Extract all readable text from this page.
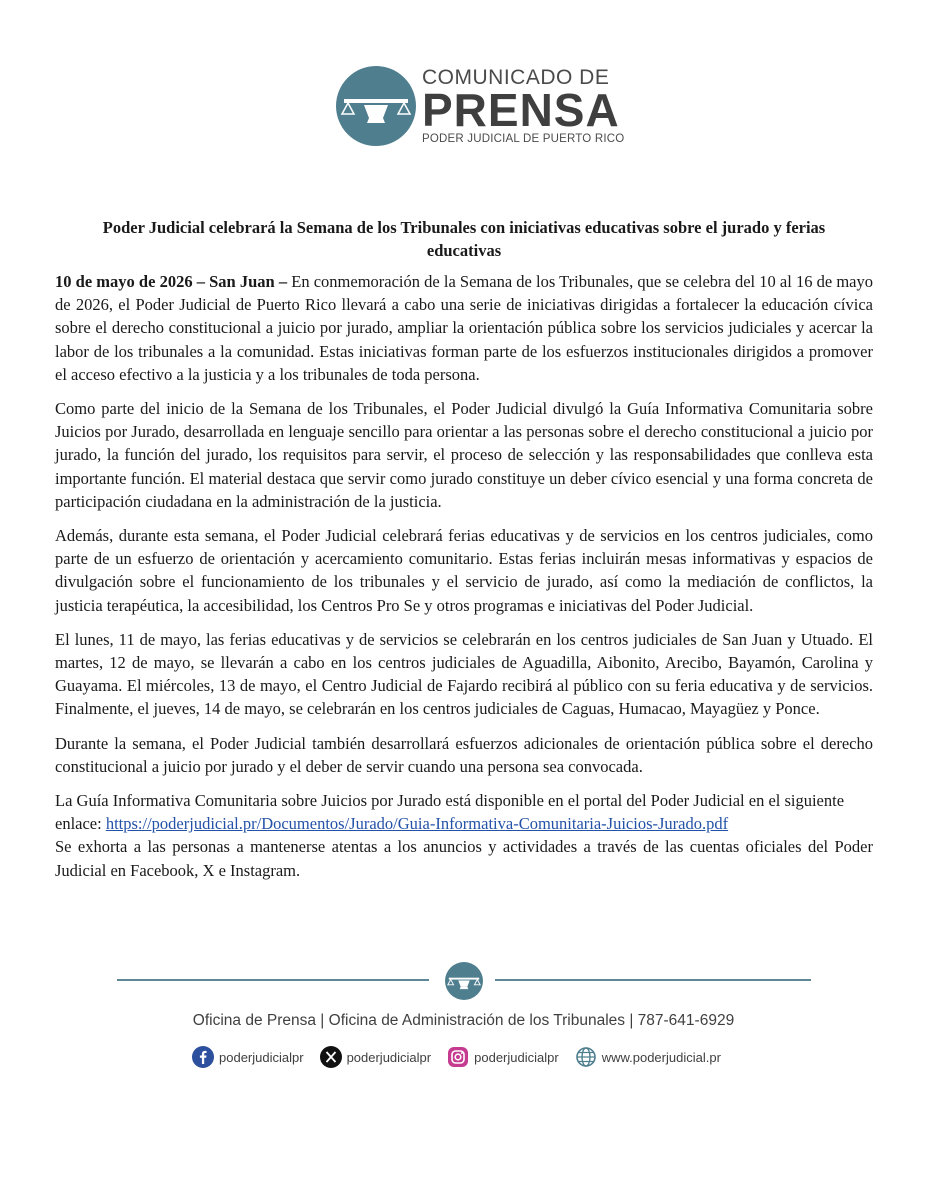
COMUNICADO DE
PRENSA
PODER JUDICIAL DE PUERTO RICO
Poder Judicial celebrará la Semana de los Tribunales con iniciativas educativas sobre el jurado y ferias educativas

10 de mayo de 2026 – San Juan – En conmemoración de la Semana de los Tribunales, que se celebra del 10 al 16 de mayo de 2026, el Poder Judicial de Puerto Rico llevará a cabo una serie de iniciativas dirigidas a fortalecer la educación cívica sobre el derecho constitucional a juicio por jurado, ampliar la orientación pública sobre los servicios judiciales y acercar la labor de los tribunales a la comunidad. Estas iniciativas forman parte de los esfuerzos institucionales dirigidos a promover el acceso efectivo a la justicia y a los tribunales de toda persona.

Como parte del inicio de la Semana de los Tribunales, el Poder Judicial divulgó la Guía Informativa Comunitaria sobre Juicios por Jurado, desarrollada en lenguaje sencillo para orientar a las personas sobre el derecho constitucional a juicio por jurado, la función del jurado, los requisitos para servir, el proceso de selección y las responsabilidades que conlleva esta importante función. El material destaca que servir como jurado constituye un deber cívico esencial y una forma concreta de participación ciudadana en la administración de la justicia.

Además, durante esta semana, el Poder Judicial celebrará ferias educativas y de servicios en los centros judiciales, como parte de un esfuerzo de orientación y acercamiento comunitario. Estas ferias incluirán mesas informativas y espacios de divulgación sobre el funcionamiento de los tribunales y el servicio de jurado, así como la mediación de conflictos, la justicia terapéutica, la accesibilidad, los Centros Pro Se y otros programas e iniciativas del Poder Judicial.

El lunes, 11 de mayo, las ferias educativas y de servicios se celebrarán en los centros judiciales de San Juan y Utuado. El martes, 12 de mayo, se llevarán a cabo en los centros judiciales de Aguadilla, Aibonito, Arecibo, Bayamón, Carolina y Guayama. El miércoles, 13 de mayo, el Centro Judicial de Fajardo recibirá al público con su feria educativa y de servicios. Finalmente, el jueves, 14 de mayo, se celebrarán en los centros judiciales de Caguas, Humacao, Mayagüez y Ponce.

Durante la semana, el Poder Judicial también desarrollará esfuerzos adicionales de orientación pública sobre el derecho constitucional a juicio por jurado y el deber de servir cuando una persona sea convocada.

La Guía Informativa Comunitaria sobre Juicios por Jurado está disponible en el portal del Poder Judicial en el siguiente enlace: https://poderjudicial.pr/Documentos/Jurado/Guia-Informativa-Comunitaria-Juicios-Jurado.pdf

Se exhorta a las personas a mantenerse atentas a los anuncios y actividades a través de las cuentas oficiales del Poder Judicial en Facebook, X e Instagram.

Oficina de Prensa | Oficina de Administración de los Tribunales | 787-641-6929
poderjudicialpr	poderjudicialpr	poderjudicialpr	www.poderjudicial.pr
